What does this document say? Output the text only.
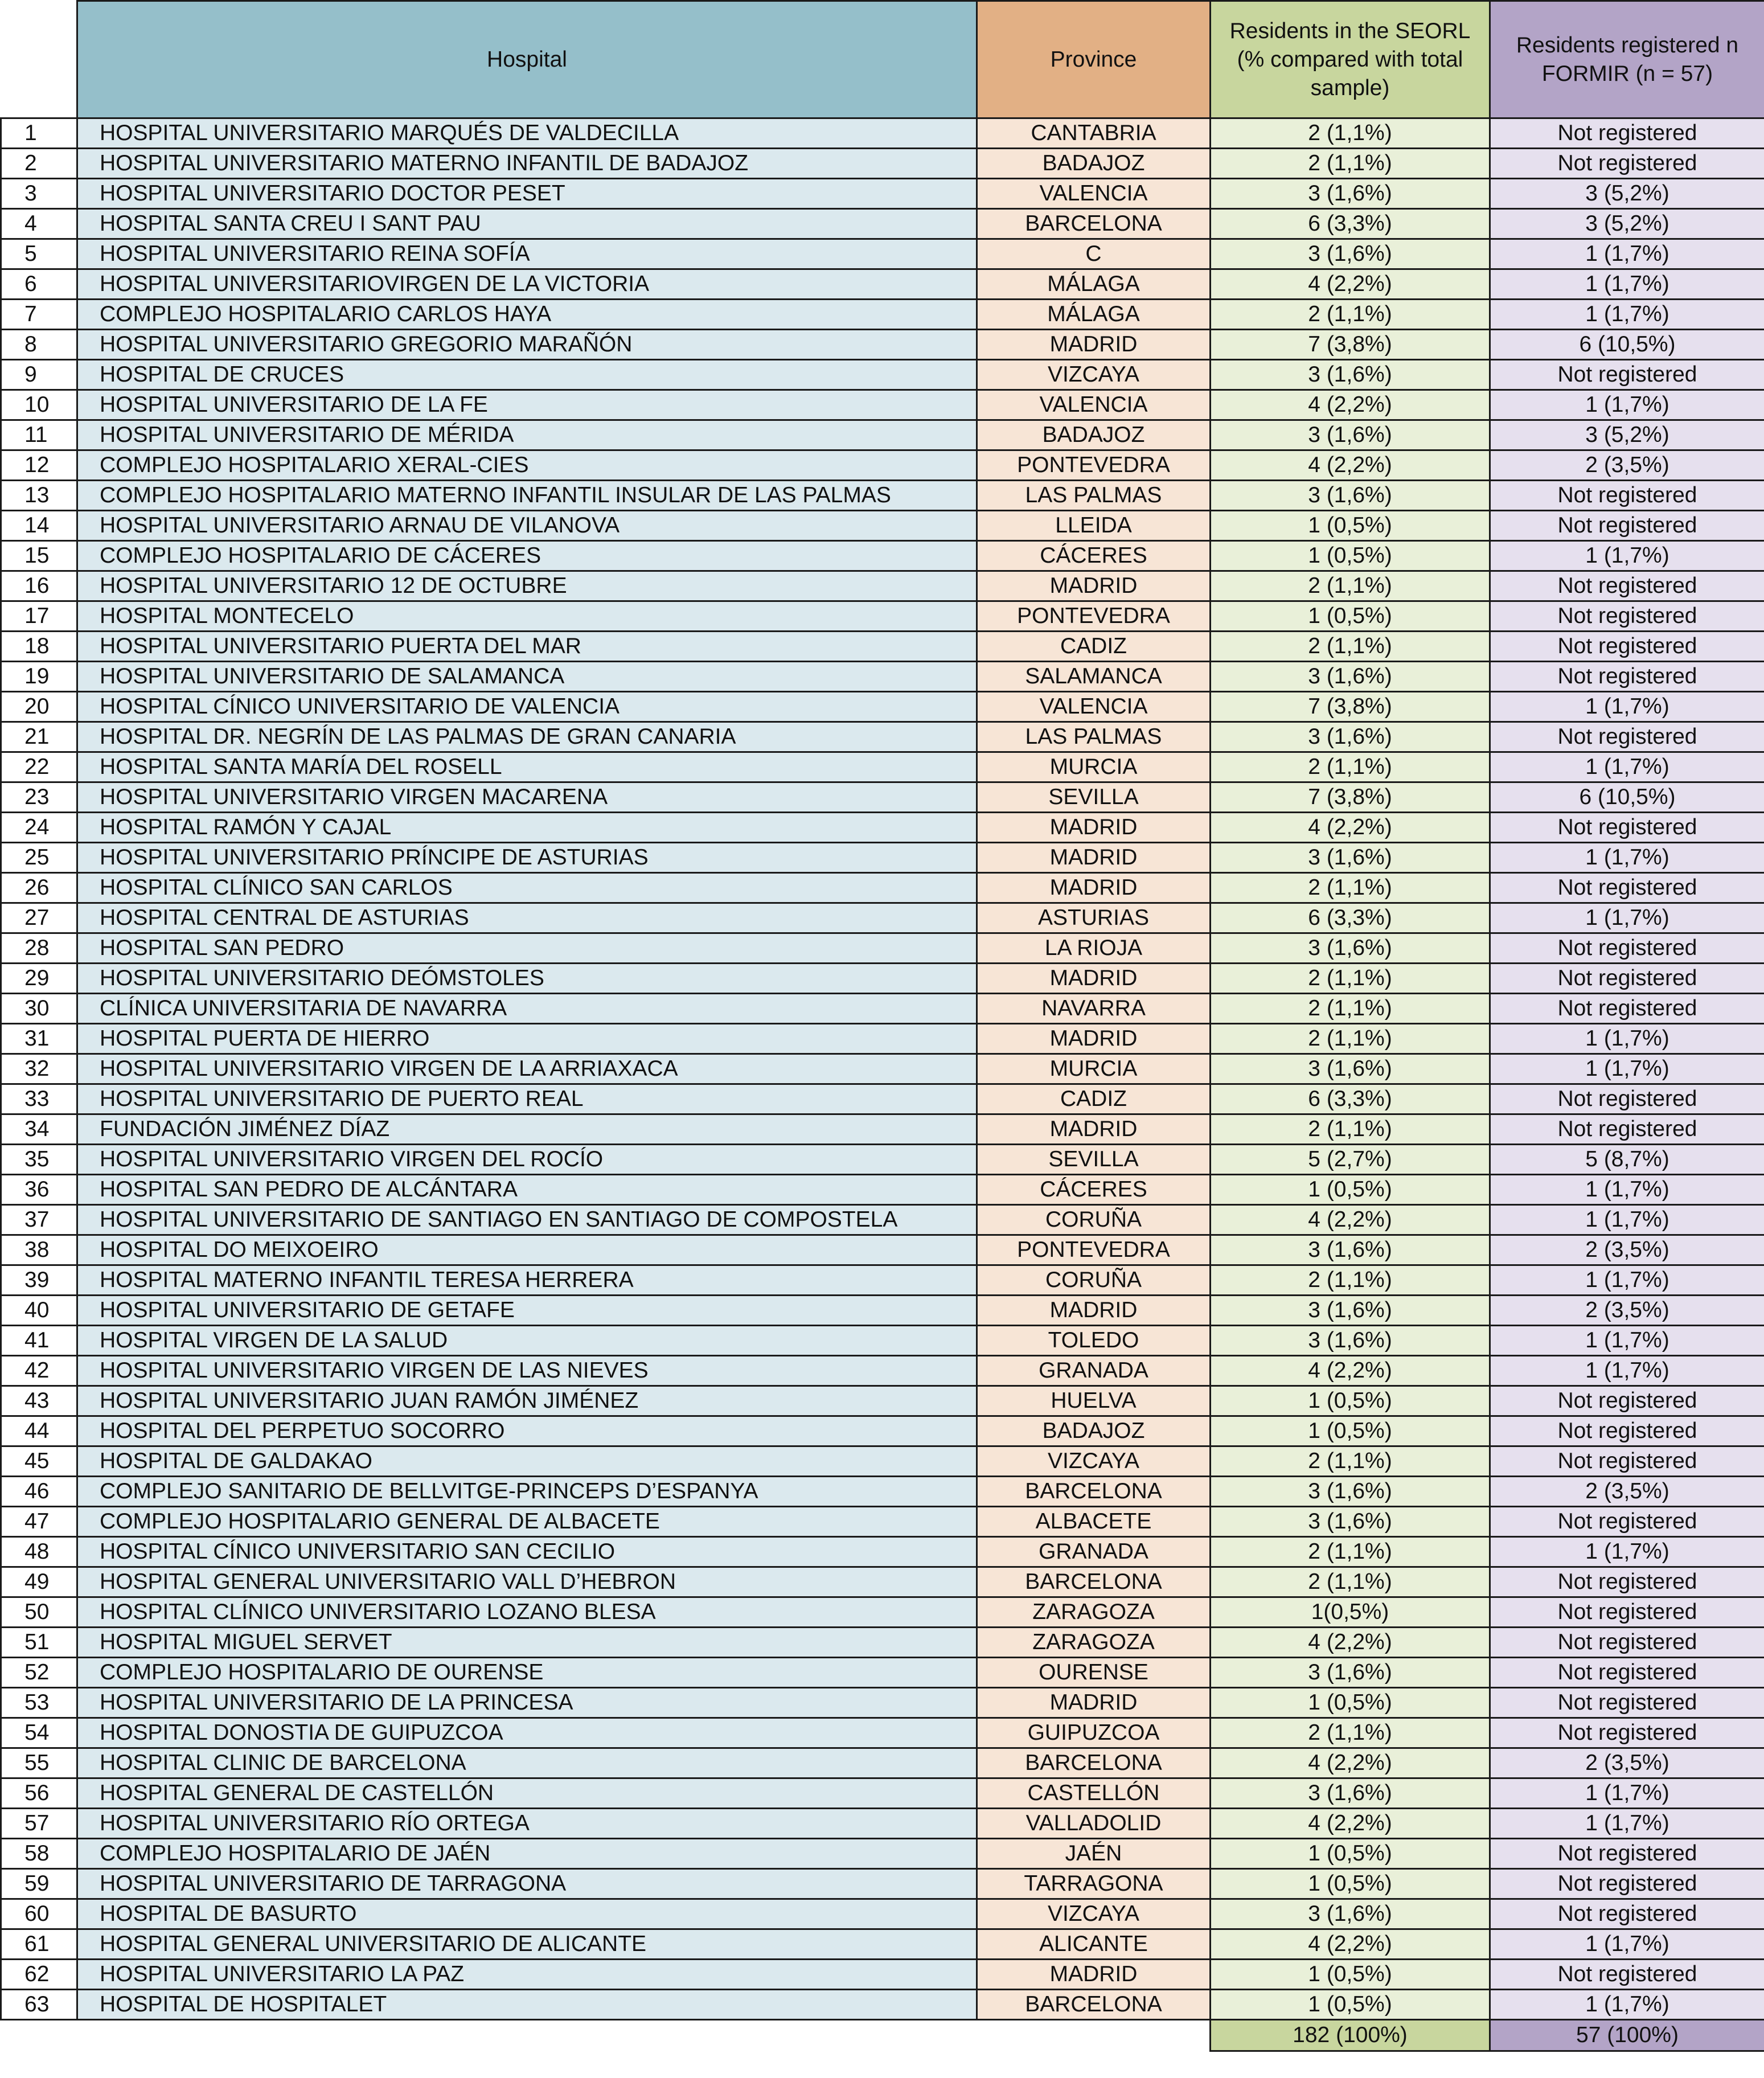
	Hospital	Province	Residents in the SEORL (% compared with total sample)	Residents registered n FORMIR (n = 57)
1	HOSPITAL UNIVERSITARIO MARQUÉS DE VALDECILLA	CANTABRIA	2 (1,1%)	Not registered
2	HOSPITAL UNIVERSITARIO MATERNO INFANTIL DE BADAJOZ	BADAJOZ	2 (1,1%)	Not registered
3	HOSPITAL UNIVERSITARIO DOCTOR PESET	VALENCIA	3 (1,6%)	3 (5,2%)
4	HOSPITAL SANTA CREU I SANT PAU	BARCELONA	6 (3,3%)	3 (5,2%)
5	HOSPITAL UNIVERSITARIO REINA SOFÍA	C	3 (1,6%)	1 (1,7%)
6	HOSPITAL UNIVERSITARIOVIRGEN DE LA VICTORIA	MÁLAGA	4 (2,2%)	1 (1,7%)
7	COMPLEJO HOSPITALARIO CARLOS HAYA	MÁLAGA	2 (1,1%)	1 (1,7%)
8	HOSPITAL UNIVERSITARIO GREGORIO MARAÑÓN	MADRID	7 (3,8%)	6 (10,5%)
9	HOSPITAL DE CRUCES	VIZCAYA	3 (1,6%)	Not registered
10	HOSPITAL UNIVERSITARIO DE LA FE	VALENCIA	4 (2,2%)	1 (1,7%)
11	HOSPITAL UNIVERSITARIO DE MÉRIDA	BADAJOZ	3 (1,6%)	3 (5,2%)
12	COMPLEJO HOSPITALARIO XERAL-CIES	PONTEVEDRA	4 (2,2%)	2 (3,5%)
13	COMPLEJO HOSPITALARIO MATERNO INFANTIL INSULAR DE LAS PALMAS	LAS PALMAS	3 (1,6%)	Not registered
14	HOSPITAL UNIVERSITARIO ARNAU DE VILANOVA	LLEIDA	1 (0,5%)	Not registered
15	COMPLEJO HOSPITALARIO DE CÁCERES	CÁCERES	1 (0,5%)	1 (1,7%)
16	HOSPITAL UNIVERSITARIO 12 DE OCTUBRE	MADRID	2 (1,1%)	Not registered
17	HOSPITAL MONTECELO	PONTEVEDRA	1 (0,5%)	Not registered
18	HOSPITAL UNIVERSITARIO PUERTA DEL MAR	CADIZ	2 (1,1%)	Not registered
19	HOSPITAL UNIVERSITARIO DE SALAMANCA	SALAMANCA	3 (1,6%)	Not registered
20	HOSPITAL CÍNICO UNIVERSITARIO DE VALENCIA	VALENCIA	7 (3,8%)	1 (1,7%)
21	HOSPITAL DR. NEGRÍN DE LAS PALMAS DE GRAN CANARIA	LAS PALMAS	3 (1,6%)	Not registered
22	HOSPITAL SANTA MARÍA DEL ROSELL	MURCIA	2 (1,1%)	1 (1,7%)
23	HOSPITAL UNIVERSITARIO VIRGEN MACARENA	SEVILLA	7 (3,8%)	6 (10,5%)
24	HOSPITAL RAMÓN Y CAJAL	MADRID	4 (2,2%)	Not registered
25	HOSPITAL UNIVERSITARIO PRÍNCIPE DE ASTURIAS	MADRID	3 (1,6%)	1 (1,7%)
26	HOSPITAL CLÍNICO SAN CARLOS	MADRID	2 (1,1%)	Not registered
27	HOSPITAL CENTRAL DE ASTURIAS	ASTURIAS	6 (3,3%)	1 (1,7%)
28	HOSPITAL SAN PEDRO	LA RIOJA	3 (1,6%)	Not registered
29	HOSPITAL UNIVERSITARIO DEÓMSTOLES	MADRID	2 (1,1%)	Not registered
30	CLÍNICA UNIVERSITARIA DE NAVARRA	NAVARRA	2 (1,1%)	Not registered
31	HOSPITAL PUERTA DE HIERRO	MADRID	2 (1,1%)	1 (1,7%)
32	HOSPITAL UNIVERSITARIO VIRGEN DE LA ARRIAXACA	MURCIA	3 (1,6%)	1 (1,7%)
33	HOSPITAL UNIVERSITARIO DE PUERTO REAL	CADIZ	6 (3,3%)	Not registered
34	FUNDACIÓN JIMÉNEZ DÍAZ	MADRID	2 (1,1%)	Not registered
35	HOSPITAL UNIVERSITARIO VIRGEN DEL ROCÍO	SEVILLA	5 (2,7%)	5 (8,7%)
36	HOSPITAL SAN PEDRO DE ALCÁNTARA	CÁCERES	1 (0,5%)	1 (1,7%)
37	HOSPITAL UNIVERSITARIO DE SANTIAGO EN SANTIAGO DE COMPOSTELA	CORUÑA	4 (2,2%)	1 (1,7%)
38	HOSPITAL DO MEIXOEIRO	PONTEVEDRA	3 (1,6%)	2 (3,5%)
39	HOSPITAL MATERNO INFANTIL TERESA HERRERA	CORUÑA	2 (1,1%)	1 (1,7%)
40	HOSPITAL UNIVERSITARIO DE GETAFE	MADRID	3 (1,6%)	2 (3,5%)
41	HOSPITAL VIRGEN DE LA SALUD	TOLEDO	3 (1,6%)	1 (1,7%)
42	HOSPITAL UNIVERSITARIO VIRGEN DE LAS NIEVES	GRANADA	4 (2,2%)	1 (1,7%)
43	HOSPITAL UNIVERSITARIO JUAN RAMÓN JIMÉNEZ	HUELVA	1 (0,5%)	Not registered
44	HOSPITAL DEL PERPETUO SOCORRO	BADAJOZ	1 (0,5%)	Not registered
45	HOSPITAL DE GALDAKAO	VIZCAYA	2 (1,1%)	Not registered
46	COMPLEJO SANITARIO DE BELLVITGE-PRINCEPS D’ESPANYA	BARCELONA	3 (1,6%)	2 (3,5%)
47	COMPLEJO HOSPITALARIO GENERAL DE ALBACETE	ALBACETE	3 (1,6%)	Not registered
48	HOSPITAL CÍNICO UNIVERSITARIO SAN CECILIO	GRANADA	2 (1,1%)	1 (1,7%)
49	HOSPITAL GENERAL UNIVERSITARIO VALL D’HEBRON	BARCELONA	2 (1,1%)	Not registered
50	HOSPITAL CLÍNICO UNIVERSITARIO LOZANO BLESA	ZARAGOZA	1(0,5%)	Not registered
51	HOSPITAL MIGUEL SERVET	ZARAGOZA	4 (2,2%)	Not registered
52	COMPLEJO HOSPITALARIO DE OURENSE	OURENSE	3 (1,6%)	Not registered
53	HOSPITAL UNIVERSITARIO DE LA PRINCESA	MADRID	1 (0,5%)	Not registered
54	HOSPITAL DONOSTIA DE GUIPUZCOA	GUIPUZCOA	2 (1,1%)	Not registered
55	HOSPITAL CLINIC DE BARCELONA	BARCELONA	4 (2,2%)	2 (3,5%)
56	HOSPITAL GENERAL DE CASTELLÓN	CASTELLÓN	3 (1,6%)	1 (1,7%)
57	HOSPITAL UNIVERSITARIO RÍO ORTEGA	VALLADOLID	4 (2,2%)	1 (1,7%)
58	COMPLEJO HOSPITALARIO DE JAÉN	JAÉN	1 (0,5%)	Not registered
59	HOSPITAL UNIVERSITARIO DE TARRAGONA	TARRAGONA	1 (0,5%)	Not registered
60	HOSPITAL DE BASURTO	VIZCAYA	3 (1,6%)	Not registered
61	HOSPITAL GENERAL UNIVERSITARIO DE ALICANTE	ALICANTE	4 (2,2%)	1 (1,7%)
62	HOSPITAL UNIVERSITARIO LA PAZ	MADRID	1 (0,5%)	Not registered
63	HOSPITAL DE HOSPITALET	BARCELONA	1 (0,5%)	1 (1,7%)
			182 (100%)	57 (100%)
